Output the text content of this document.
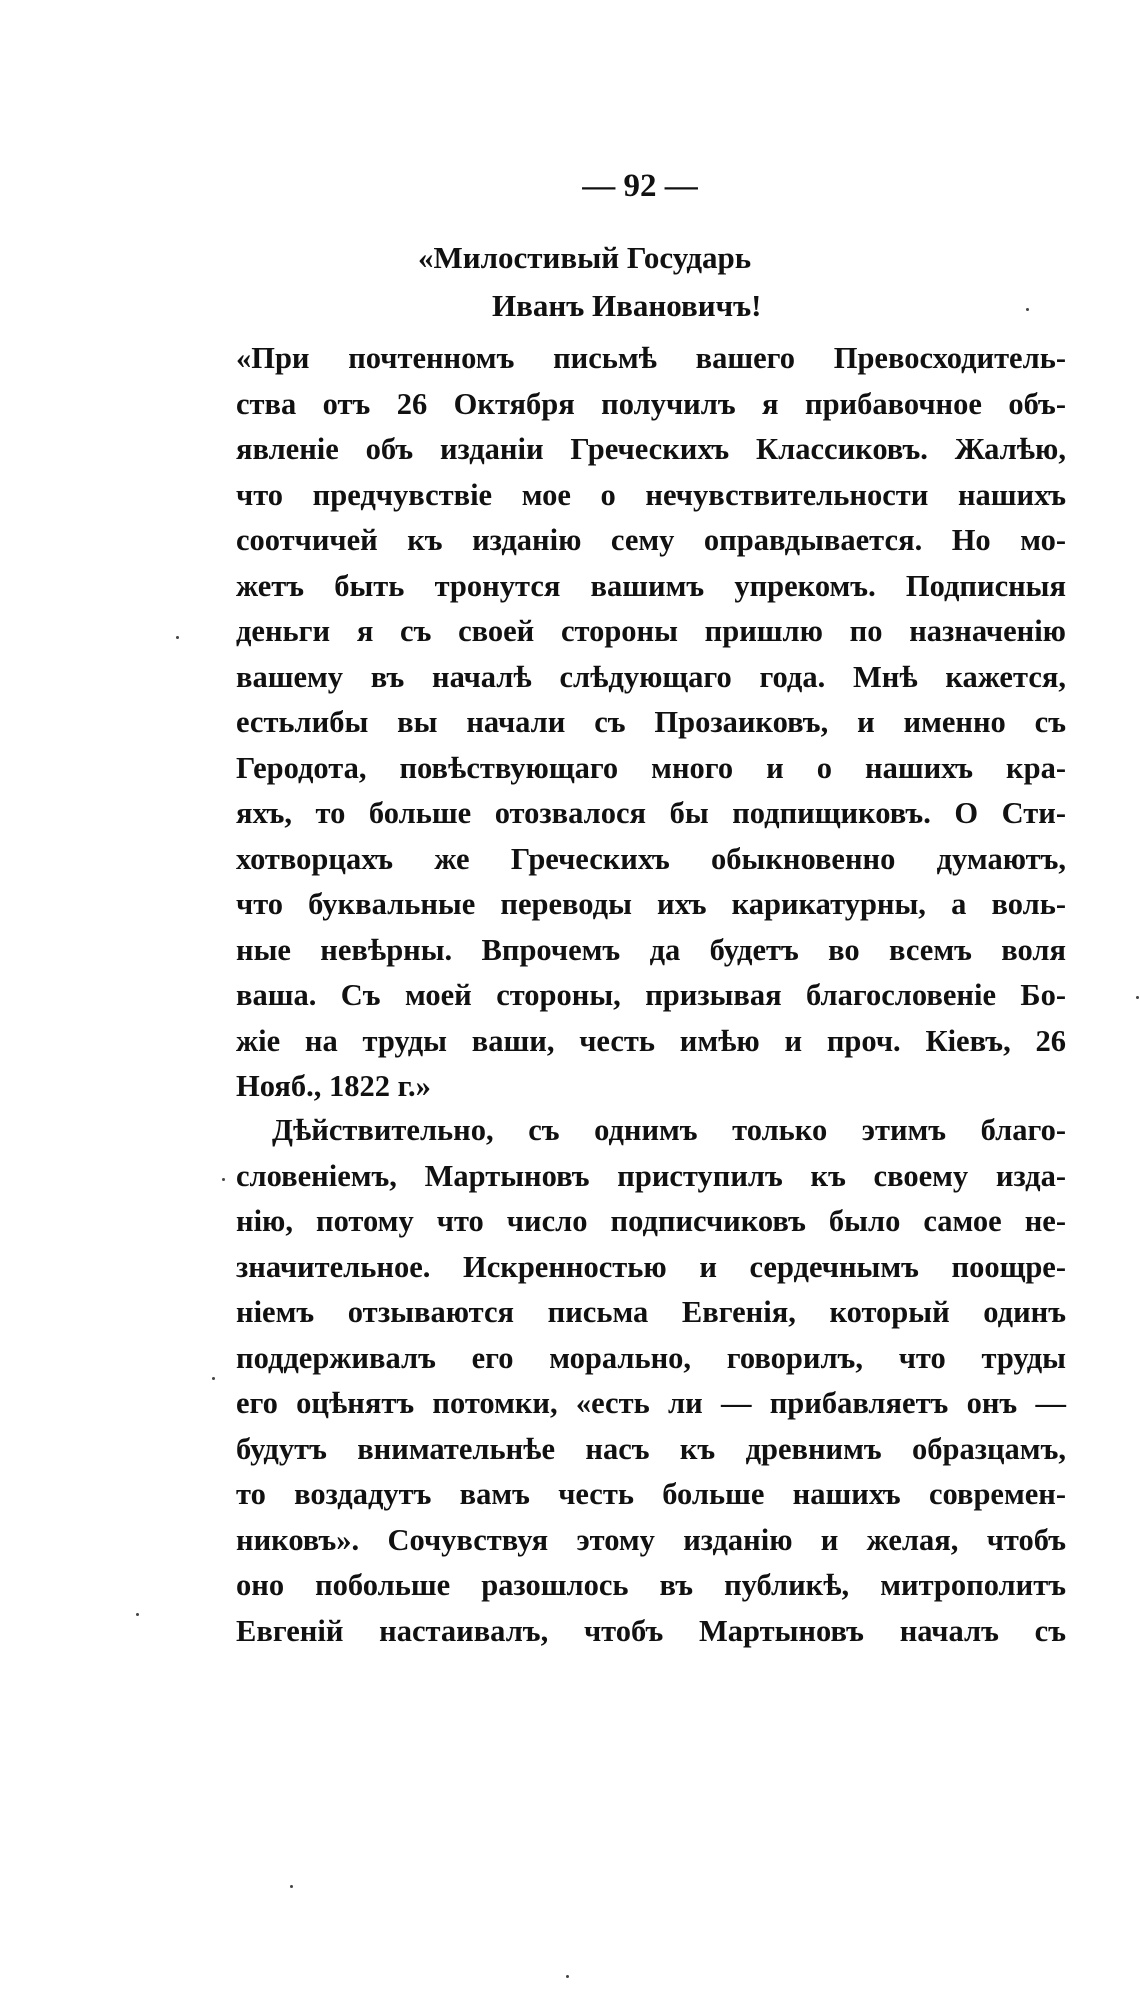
— 92 —
«Милостивый Государь
Иванъ Ивановичъ!
«При почтенномъ письмѣ вашего Превосходитель-
ства отъ 26 Октября получилъ я прибавочное объ-
явленіе объ изданіи Греческихъ Классиковъ. Жалѣю,
что предчувствіе мое о нечувствительности нашихъ
соотчичей къ изданію сему оправдывается. Но мо-
жетъ быть тронутся вашимъ упрекомъ. Подписныя
деньги я съ своей стороны пришлю по назначенію
вашему въ началѣ слѣдующаго года. Мнѣ кажется,
естьлибы вы начали съ Прозаиковъ, и именно съ
Геродота, повѣствующаго много и о нашихъ кра-
яхъ, то больше отозвалося бы подпищиковъ. О Сти-
хотворцахъ же Греческихъ обыкновенно думаютъ,
что буквальные переводы ихъ карикатурны, а воль-
ные невѣрны. Впрочемъ да будетъ во всемъ воля
ваша. Съ моей стороны, призывая благословеніе Бо-
жіе на труды ваши, честь имѣю и проч. Кіевъ, 26
Нояб., 1822 г.»
Дѣйствительно, съ однимъ только этимъ благо-
словеніемъ, Мартыновъ приступилъ къ своему изда-
нію, потому что число подписчиковъ было самое не-
значительное. Искренностью и сердечнымъ поощре-
ніемъ отзываются письма Евгенія, который одинъ
поддерживалъ его морально, говорилъ, что труды
его оцѣнятъ потомки, «есть ли — прибавляетъ онъ —
будутъ внимательнѣе насъ къ древнимъ образцамъ,
то воздадутъ вамъ честь больше нашихъ современ-
никовъ». Сочувствуя этому изданію и желая, чтобъ
оно побольше разошлось въ публикѣ, митрополитъ
Евгеній настаивалъ, чтобъ Мартыновъ началъ съ
